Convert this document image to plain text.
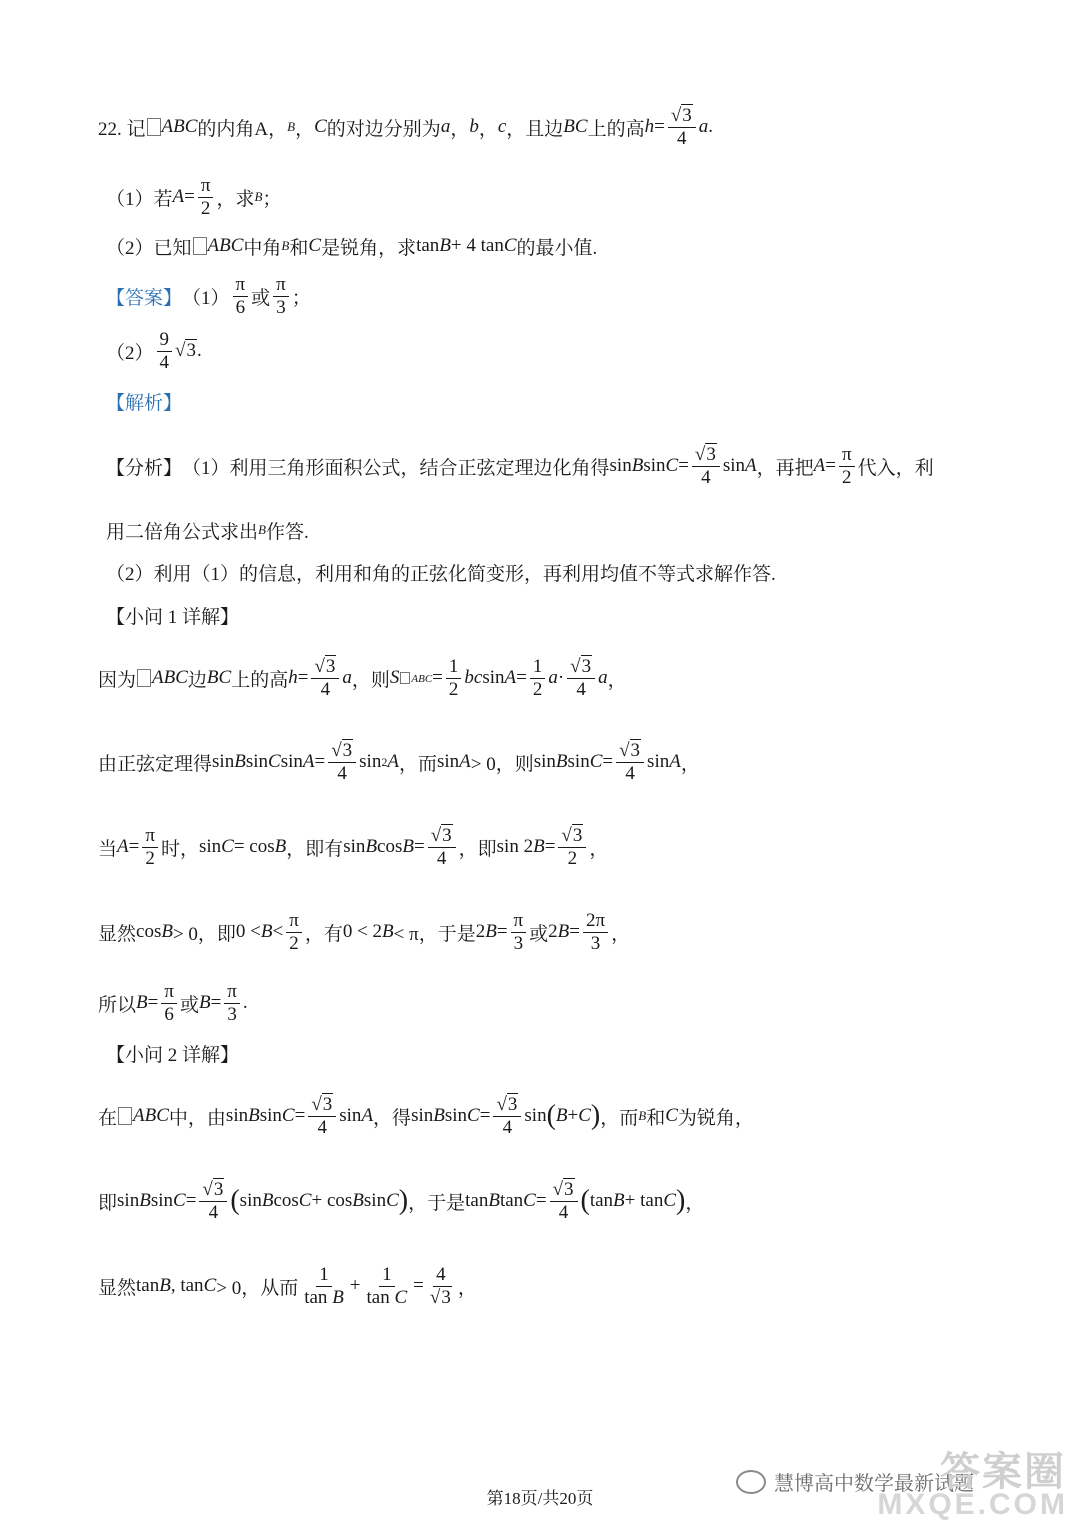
22. 记 ABC 的内角A， B ， C 的对边分别为 a ， b ， c ，且边 BC 上的高 $h = \frac{√3}{4}$ a .
（1）若 $A = \frac{\pi}{2}$ ，求 B ；
（2）已知 ABC 中角 B 和 C 是锐角，求 tan B + 4 tan C 的最小值.
【答案】 $(1) \frac{\pi}{6}$ 或 $\frac{\pi}{3}$ ；
$(2) \frac{9}{4} √3$ .
【解析】
【分析】 （1）利用三角形面积公式，结合正弦定理边化角得 sin B $\sin C = \frac{√3}{4}$ sin A ，再把 $A = \frac{\pi}{2}$ 代入，利
用二倍角公式求出 B 作答.
（2）利用（1）的信息，利用和角的正弦化简变形，再利用均值不等式求解作答.
【小问 1 详解】
因为 ABC 边 BC 上的高 $h = \frac{√3}{4}$ a ，则 S	ABC = $\frac{1}{2}$ bc $\sin A = \frac{1}{2}$ $a \cdot \frac{√3}{4}$ a ，
由正弦定理得 sin B sin C $\sin A = \frac{√3}{4}$ sin 2 A ，而 sin A > 0，则 sin B $\sin C = \frac{√3}{4}$ sin A ，
当 $A = \frac{\pi}{2}$ 时， sin C = cos B ，即有 sin B $\cos B = \frac{√3}{4}$ ，即 sin 2 $B = \frac{√3}{2}$ ，
显然 cos B > 0，即 $0 < B < \frac{\pi}{2}$ ，有 0 < 2 B < π，于是 2 $B = \frac{\pi}{3}$ 或 2 $B = \frac{2\pi}{3}$ ，
所以 $B = \frac{\pi}{6}$ 或 $B = \frac{\pi}{3}$ .
【小问 2 详解】
在 ABC 中，由 sin B $\sin C = \frac{√3}{4}$ sin A ，得 sin B $\sin C = \frac{√3}{4}$ sin ( B + C ) ，而 B 和 C 为锐角，
即 sin B $\sin C = \frac{√3}{4}$ ( sin B cos C + cos B sin C ) ，于是 tan B $\tan C = \frac{√3}{4}$ ( tan B + tan C ) ，
显然 tan B , tan C > 0，从而 $\frac{1}{\text{tan B}} + \frac{1}{\text{tan C}} = \frac{4}{√3}$ ，
第18页/共20页
慧博高中数学最新试题
答案圈
MXQE.COM
